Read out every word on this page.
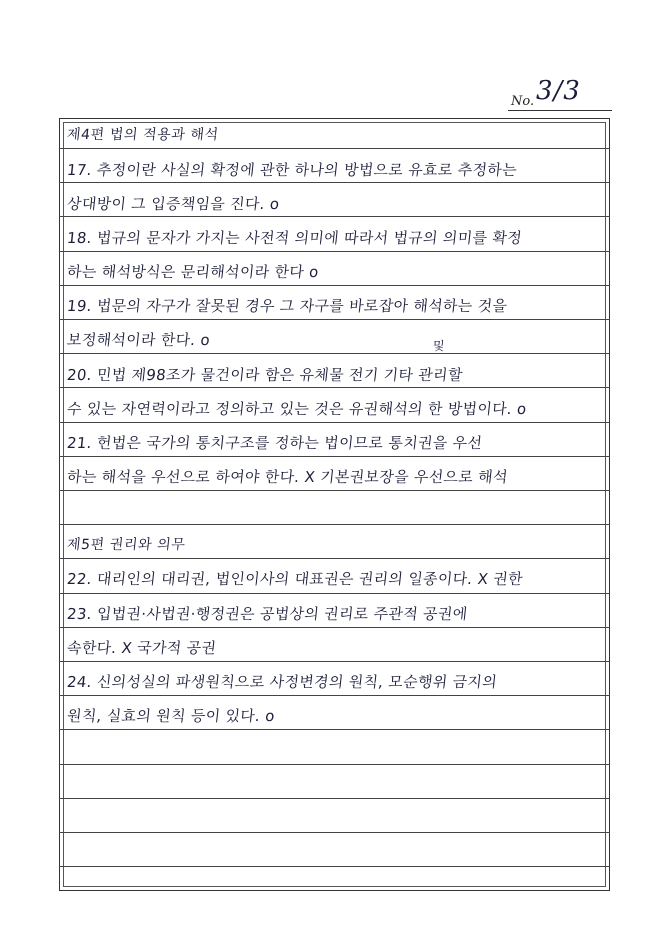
No. 3/3
제4편 법의 적용과 해석
17. 추정이란 사실의 확정에 관한 하나의 방법으로 유효로 추정하는
상대방이 그 입증책임을 진다. o
18. 법규의 문자가 가지는 사전적 의미에 따라서 법규의 의미를 확정
하는 해석방식은 문리해석이라 한다 o
19. 법문의 자구가 잘못된 경우 그 자구를 바로잡아 해석하는 것을
보정해석이라 한다. o
20. 민법 제98조가 물건이라 함은 유체물 전기 기타 관리할
수 있는 자연력이라고 정의하고 있는 것은 유권해석의 한 방법이다. o
21. 헌법은 국가의 통치구조를 정하는 법이므로 통치권을 우선
하는 해석을 우선으로 하여야 한다. X 기본권보장을 우선으로 해석
제5편 권리와 의무
22. 대리인의 대리권, 법인이사의 대표권은 권리의 일종이다. X 권한
23. 입법권·사법권·행정권은 공법상의 권리로 주관적 공권에
속한다. X 국가적 공권
24. 신의성실의 파생원칙으로 사정변경의 원칙, 모순행위 금지의
원칙, 실효의 원칙 등이 있다. o
및
